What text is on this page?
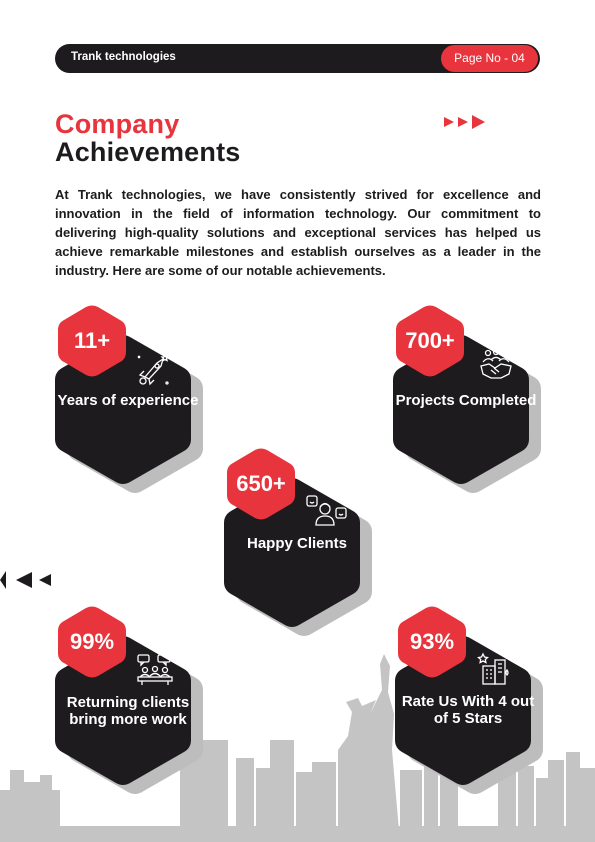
Trank technologies	Page No - 04
Company
Achievements

At Trank technologies, we have consistently strived for excellence and innovation in the field of information technology. Our commitment to delivering high-quality solutions and exceptional services has helped us achieve remarkable milestones and establish ourselves as a leader in the industry. Here are some of our notable achievements.

11+
Years of experience
700+
Projects Completed
650+
Happy Clients
99%
Returning clients bring more work
93%
Rate Us With 4 out of 5 Stars
